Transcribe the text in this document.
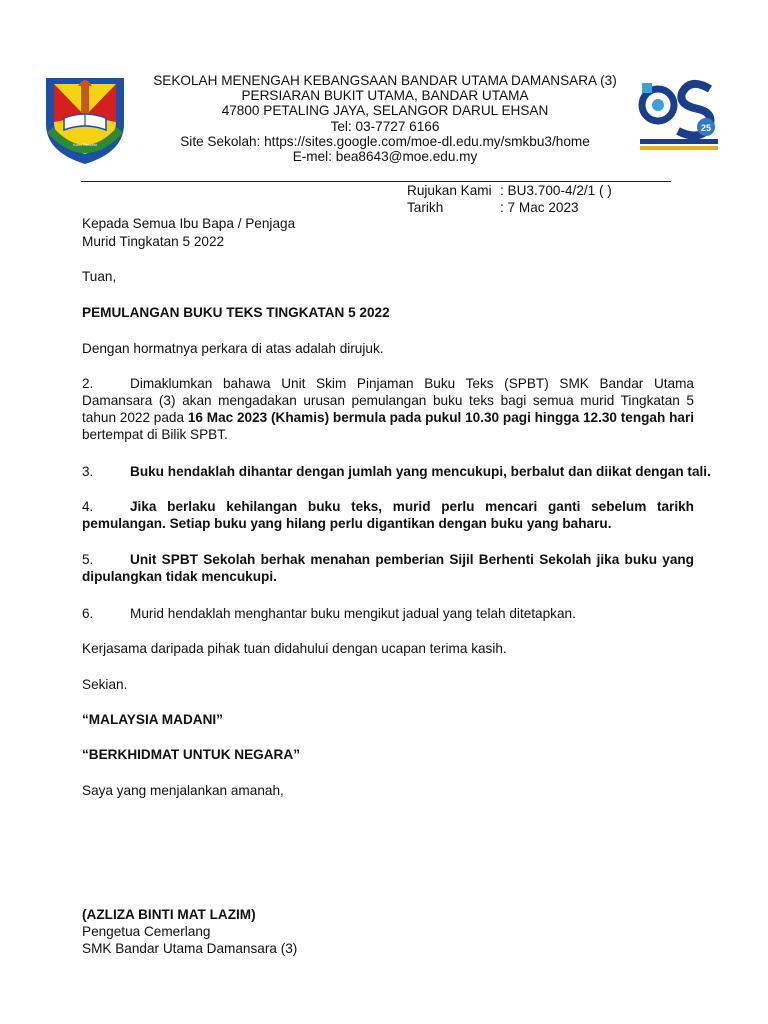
Kami Bersatu
SEKOLAH MENENGAH KEBANGSAAN BANDAR UTAMA DAMANSARA (3)
PERSIARAN BUKIT UTAMA, BANDAR UTAMA
47800 PETALING JAYA, SELANGOR DARUL EHSAN
Tel: 03-7727 6166
Site Sekolah: https://sites.google.com/moe-dl.edu.my/smkbu3/home
E-mel: bea8643@moe.edu.my
25
Rujukan Kami : BU3.700-4/2/1 ( )
Tarikh	: 7 Mac 2023
Kepada Semua Ibu Bapa / Penjaga
Murid Tingkatan 5 2022
Tuan,
PEMULANGAN BUKU TEKS TINGKATAN 5 2022
Dengan hormatnya perkara di atas adalah dirujuk.
2.	Dimaklumkan bahawa Unit Skim Pinjaman Buku Teks (SPBT) SMK Bandar Utama Damansara (3) akan mengadakan urusan pemulangan buku teks bagi semua murid Tingkatan 5 tahun 2022 pada 16 Mac 2023 (Khamis) bermula pada pukul 10.30 pagi hingga 12.30 tengah hari bertempat di Bilik SPBT.
3.	Buku hendaklah dihantar dengan jumlah yang mencukupi, berbalut dan diikat dengan tali.
4.	Jika berlaku kehilangan buku teks, murid perlu mencari ganti sebelum tarikh pemulangan. Setiap buku yang hilang perlu digantikan dengan buku yang baharu.
5.	Unit SPBT Sekolah berhak menahan pemberian Sijil Berhenti Sekolah jika buku yang dipulangkan tidak mencukupi.
6.	Murid hendaklah menghantar buku mengikut jadual yang telah ditetapkan.
Kerjasama daripada pihak tuan didahului dengan ucapan terima kasih.
Sekian.
“MALAYSIA MADANI”
“BERKHIDMAT UNTUK NEGARA”
Saya yang menjalankan amanah,
(AZLIZA BINTI MAT LAZIM)
Pengetua Cemerlang
SMK Bandar Utama Damansara (3)
